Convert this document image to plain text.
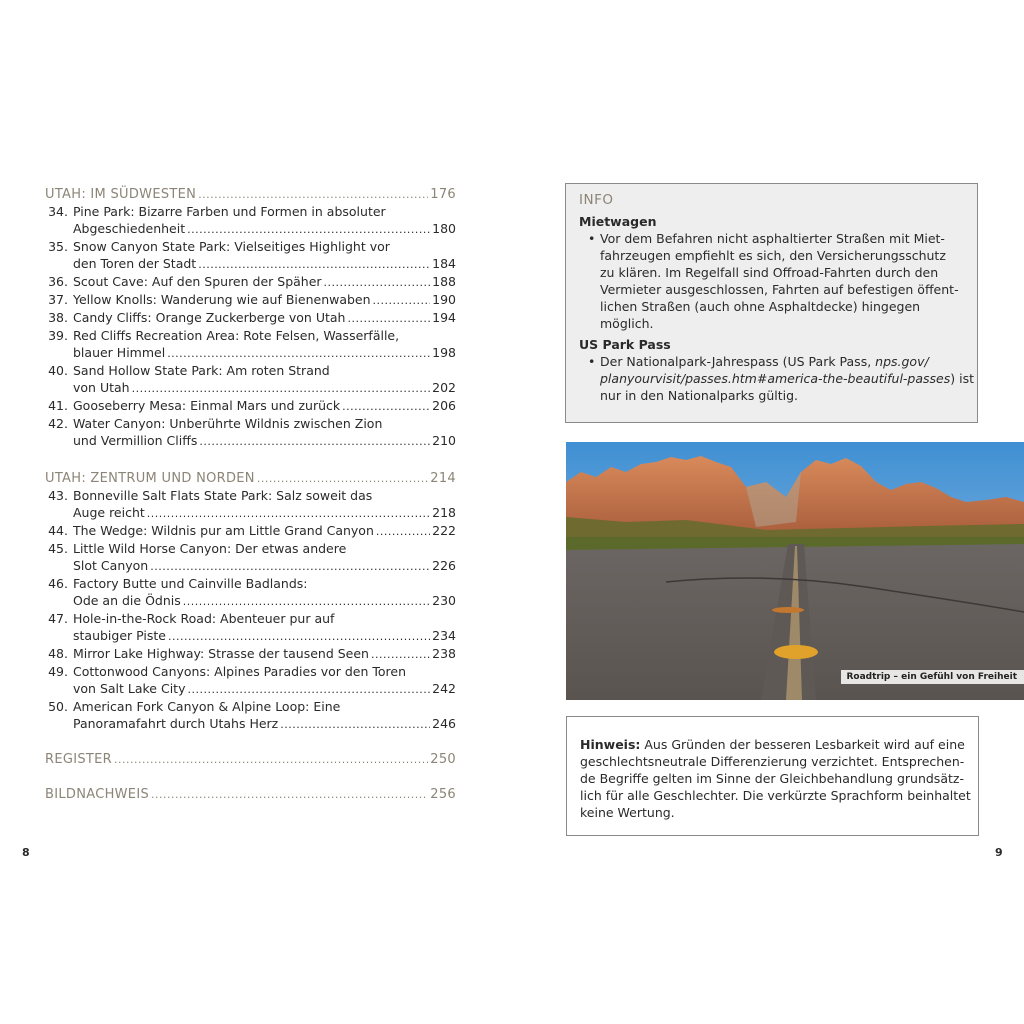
UTAH: IM SÜDWESTEN .....	176
34. Pine Park: Bizarre Farben und Formen in absoluter
Abgeschiedenheit .....	180
35. Snow Canyon State Park: Vielseitiges Highlight vor
den Toren der Stadt .....	184
36. Scout Cave: Auf den Spuren der Späher .....	188
37. Yellow Knolls: Wanderung wie auf Bienenwaben .....	190
38. Candy Cliffs: Orange Zuckerberge von Utah .....	194
39. Red Cliffs Recreation Area: Rote Felsen, Wasserfälle,
blauer Himmel .....	198
40. Sand Hollow State Park: Am roten Strand
von Utah .....	202
41. Gooseberry Mesa: Einmal Mars und zurück .....	206
42. Water Canyon: Unberührte Wildnis zwischen Zion
und Vermillion Cliffs .....	210
UTAH: ZENTRUM UND NORDEN .....	214
43. Bonneville Salt Flats State Park: Salz soweit das
Auge reicht .....	218
44. The Wedge: Wildnis pur am Little Grand Canyon .....	222
45. Little Wild Horse Canyon: Der etwas andere
Slot Canyon .....	226
46. Factory Butte und Cainville Badlands:
Ode an die Ödnis .....	230
47. Hole-in-the-Rock Road: Abenteuer pur auf
staubiger Piste .....	234
48. Mirror Lake Highway: Strasse der tausend Seen .....	238
49. Cottonwood Canyons: Alpines Paradies vor den Toren
von Salt Lake City .....	242
50. American Fork Canyon & Alpine Loop: Eine
Panoramafahrt durch Utahs Herz .....	246
REGISTER .....	250
BILDNACHWEIS .....	256
8	9
INFO
Mietwagen
• Vor dem Befahren nicht asphaltierter Straßen mit Miet-
fahrzeugen empfiehlt es sich, den Versicherungsschutz
zu klären. Im Regelfall sind Offroad-Fahrten durch den
Vermieter ausgeschlossen, Fahrten auf befestigen öffent-
lichen Straßen (auch ohne Asphaltdecke) hingegen
möglich.
US Park Pass
• Der Nationalpark-Jahrespass (US Park Pass, nps.gov/
planyourvisit/passes.htm#america-the-beautiful-passes) ist
nur in den Nationalparks gültig.
Roadtrip – ein Gefühl von Freiheit
Hinweis: Aus Gründen der besseren Lesbarkeit wird auf eine
geschlechtsneutrale Differenzierung verzichtet. Entsprechen-
de Begriffe gelten im Sinne der Gleichbehandlung grundsätz-
lich für alle Geschlechter. Die verkürzte Sprachform beinhaltet
keine Wertung.
